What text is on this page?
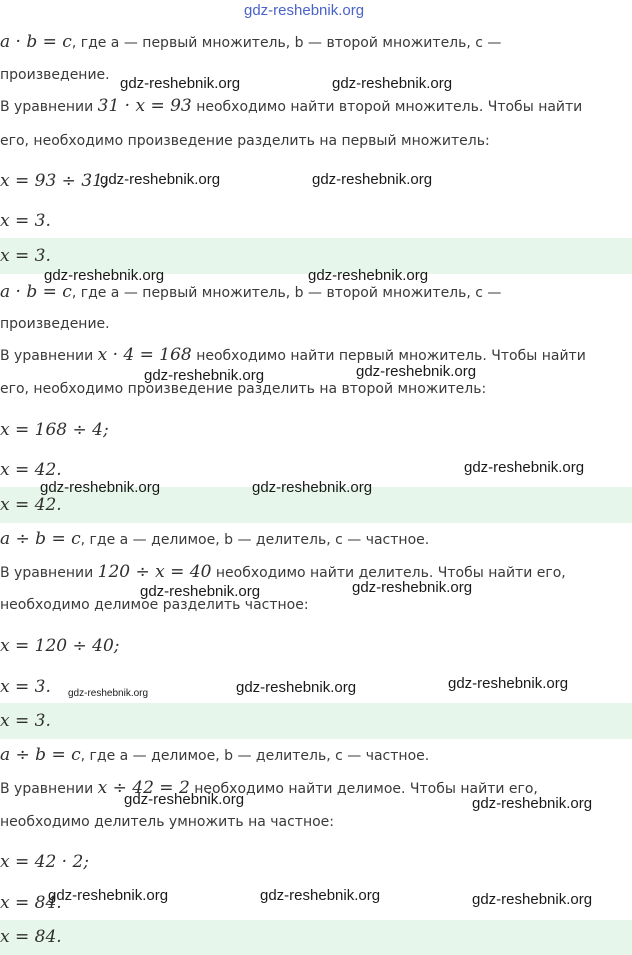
a · b = c, где a — первый множитель, b — второй множитель, c —
произведение.
В уравнении 31 · x = 93 необходимо найти второй множитель. Чтобы найти
его, необходимо произведение разделить на первый множитель:
x = 93 ÷ 31;
x = 3.
x = 3.
a · b = c, где a — первый множитель, b — второй множитель, c —
произведение.
В уравнении x · 4 = 168 необходимо найти первый множитель. Чтобы найти
его, необходимо произведение разделить на второй множитель:
x = 168 ÷ 4;
x = 42.
x = 42.
a ÷ b = c, где a — делимое, b — делитель, c — частное.
В уравнении 120 ÷ x = 40 необходимо найти делитель. Чтобы найти его,
необходимо делимое разделить частное:
x = 120 ÷ 40;
x = 3.
x = 3.
a ÷ b = c, где a — делимое, b — делитель, c — частное.
В уравнении x ÷ 42 = 2 необходимо найти делимое. Чтобы найти его,
необходимо делитель умножить на частное:
x = 42 · 2;
x = 84.
x = 84.
gdz-reshebnik.org
gdz-reshebnik.org	gdz-reshebnik.org
gdz-reshebnik.org	gdz-reshebnik.org
gdz-reshebnik.org	gdz-reshebnik.org
gdz-reshebnik.org	gdz-reshebnik.org
gdz-reshebnik.org
gdz-reshebnik.org	gdz-reshebnik.org
gdz-reshebnik.org	gdz-reshebnik.org
gdz-reshebnik.org	gdz-reshebnik.org	gdz-reshebnik.org
gdz-reshebnik.org	gdz-reshebnik.org
gdz-reshebnik.org	gdz-reshebnik.org	gdz-reshebnik.org
